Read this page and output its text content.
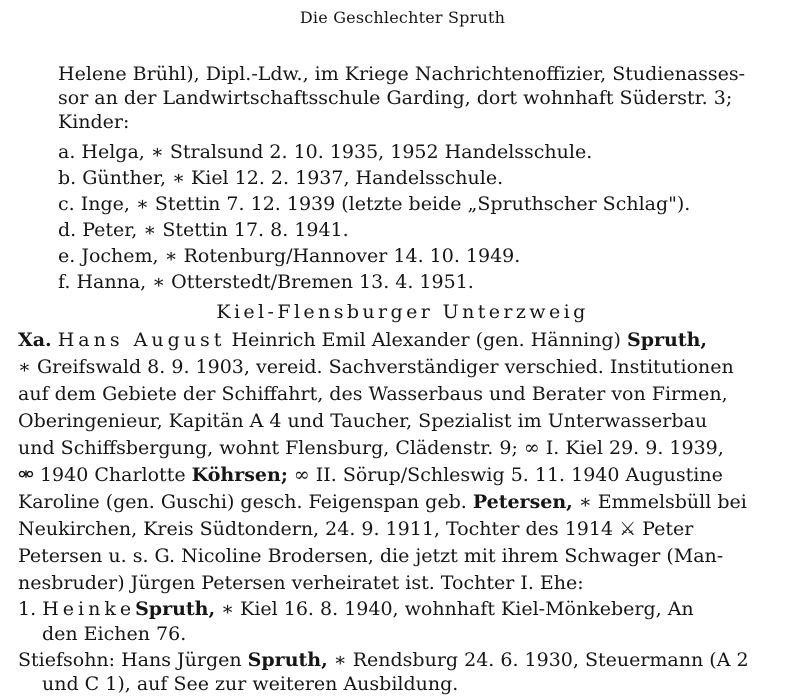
Die Geschlechter Spruth
Helene Brühl), Dipl.-Ldw., im Kriege Nachrichtenoffizier, Studienasses-
sor an der Landwirtschaftsschule Garding, dort wohnhaft Süderstr. 3;
Kinder:
a. Helga, ∗ Stralsund 2. 10. 1935, 1952 Handelsschule.
b. Günther, ∗ Kiel 12. 2. 1937, Handelsschule.
c. Inge, ∗ Stettin 7. 12. 1939 (letzte beide „Spruthscher Schlag").
d. Peter, ∗ Stettin 17. 8. 1941.
e. Jochem, ∗ Rotenburg/Hannover 14. 10. 1949.
f. Hanna, ∗ Otterstedt/Bremen 13. 4. 1951.
Kiel-Flensburger Unterzweig
Xa. Hans August Heinrich Emil Alexander (gen. Hänning) Spruth,
∗ Greifswald 8. 9. 1903, vereid. Sachverständiger verschied. Institutionen
auf dem Gebiete der Schiffahrt, des Wasserbaus und Berater von Firmen,
Oberingenieur, Kapitän A 4 und Taucher, Spezialist im Unterwasserbau
und Schiffsbergung, wohnt Flensburg, Clädenstr. 9; ∞ I. Kiel 29. 9. 1939,
⚮ 1940 Charlotte Köhrsen; ∞ II. Sörup/Schleswig 5. 11. 1940 Augustine
Karoline (gen. Guschi) gesch. Feigenspan geb. Petersen, ∗ Emmelsbüll bei
Neukirchen, Kreis Südtondern, 24. 9. 1911, Tochter des 1914 ⚔ Peter
Petersen u. s. G. Nicoline Brodersen, die jetzt mit ihrem Schwager (Man-
nesbruder) Jürgen Petersen verheiratet ist. Tochter I. Ehe:
1. HeinkeSpruth, ∗ Kiel 16. 8. 1940, wohnhaft Kiel-Mönkeberg, An
den Eichen 76.
Stiefsohn: Hans Jürgen Spruth, ∗ Rendsburg 24. 6. 1930, Steuermann (A 2
und C 1), auf See zur weiteren Ausbildung.
